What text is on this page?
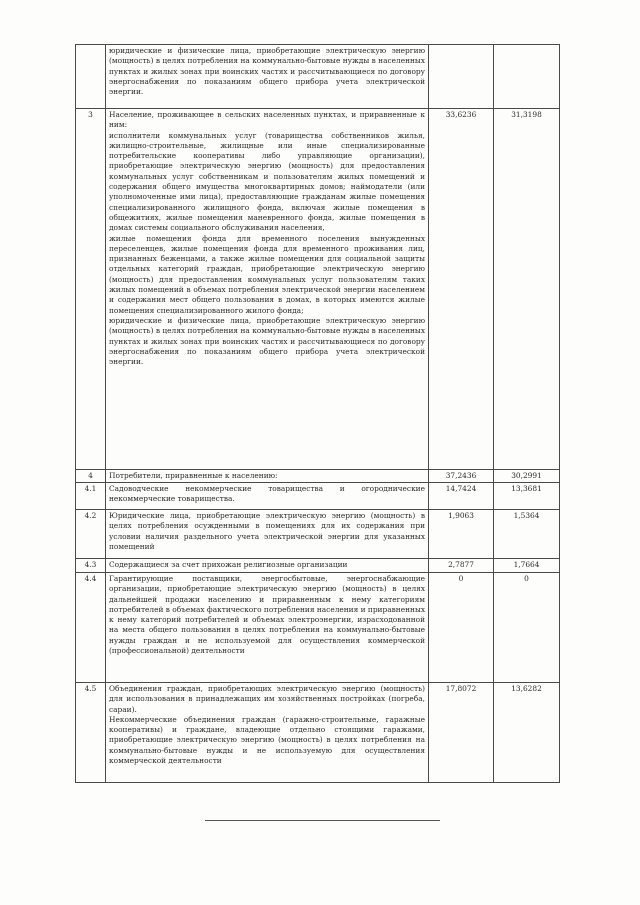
	юридические и физические лица, приобретающие электрическую энергию (мощность) в целях потребления на коммунально-бытовые нужды в населенных пунктах и жилых зонах при воинских частях и рассчитывающиеся по договору энергоснабжения по показаниям общего прибора учета электрической энергии.		

3	Население, проживающее в сельских населенных пунктах, и приравненные к ним:

исполнители коммунальных услуг (товарищества собственников жилья, жилищно-строительные, жилищные или иные специализированные потребительские кооперативы либо управляющие организации), приобретающие электрическую энергию (мощность) для предоставления коммунальных услуг собственникам и пользователям жилых помещений и содержания общего имущества многоквартирных домов; наймодатели (или уполномоченные ими лица), предоставляющие гражданам жилые помещения специализированного жилищного фонда, включая жилые помещения в общежитиях, жилые помещения маневренного фонда, жилые помещения в домах системы социального обслуживания населения,

жилые помещения фонда для временного поселения вынужденных переселенцев, жилые помещения фонда для временного проживания лиц, признанных беженцами, а также жилые помещения для социальной защиты отдельных категорий граждан, приобретающие электрическую энергию (мощность) для предоставления коммунальных услуг пользователям таких жилых помещений в объемах потребления электрической энергии населением и содержания мест общего пользования в домах, в которых имеются жилые помещения специализированного жилого фонда;

юридические и физические лица, приобретающие электрическую энергию (мощность) в целях потребления на коммунально-бытовые нужды в населенных пунктах и жилых зонах при воинских частях и рассчитывающиеся по договору энергоснабжения по показаниям общего прибора учета электрической энергии.	33,6236	31,3198
4	Потребители, приравненные к населению:	37,2436	30,2991
4.1	Садоводческие некоммерческие товарищества и огороднические некоммерческие товарищества.	14,7424	13,3681
4.2	Юридические лица, приобретающие электрическую энергию (мощность) в целях потребления осужденными в помещениях для их содержания при условии наличия раздельного учета электрической энергии для указанных помещений	1,9063	1,5364
4.3	Содержащиеся за счет прихожан религиозные организации	2,7877	1,7664
4.4	Гарантирующие поставщики, энергосбытовые, энергоснабжающие организации, приобретающие электрическую энергию (мощность) в целях дальнейшей продажи населению и приравненным к нему категориям потребителей в объемах фактического потребления населения и приравненных к нему категорий потребителей и объемах электроэнергии, израсходованной на места общего пользования в целях потребления на коммунально-бытовые нужды граждан и не используемой для осуществления коммерческой (профессиональной) деятельности	0	0
4.5	Объединения граждан, приобретающих электрическую энергию (мощность) для использования в принадлежащих им хозяйственных постройках (погреба, сараи).

Некоммерческие объединения граждан (гаражно-строительные, гаражные кооперативы) и граждане, владеющие отдельно стоящими гаражами, приобретающие электрическую энергию (мощность) в целях потребления на коммунально-бытовые нужды и не используемую для осуществления коммерческой деятельности	17,8072	13,6282
